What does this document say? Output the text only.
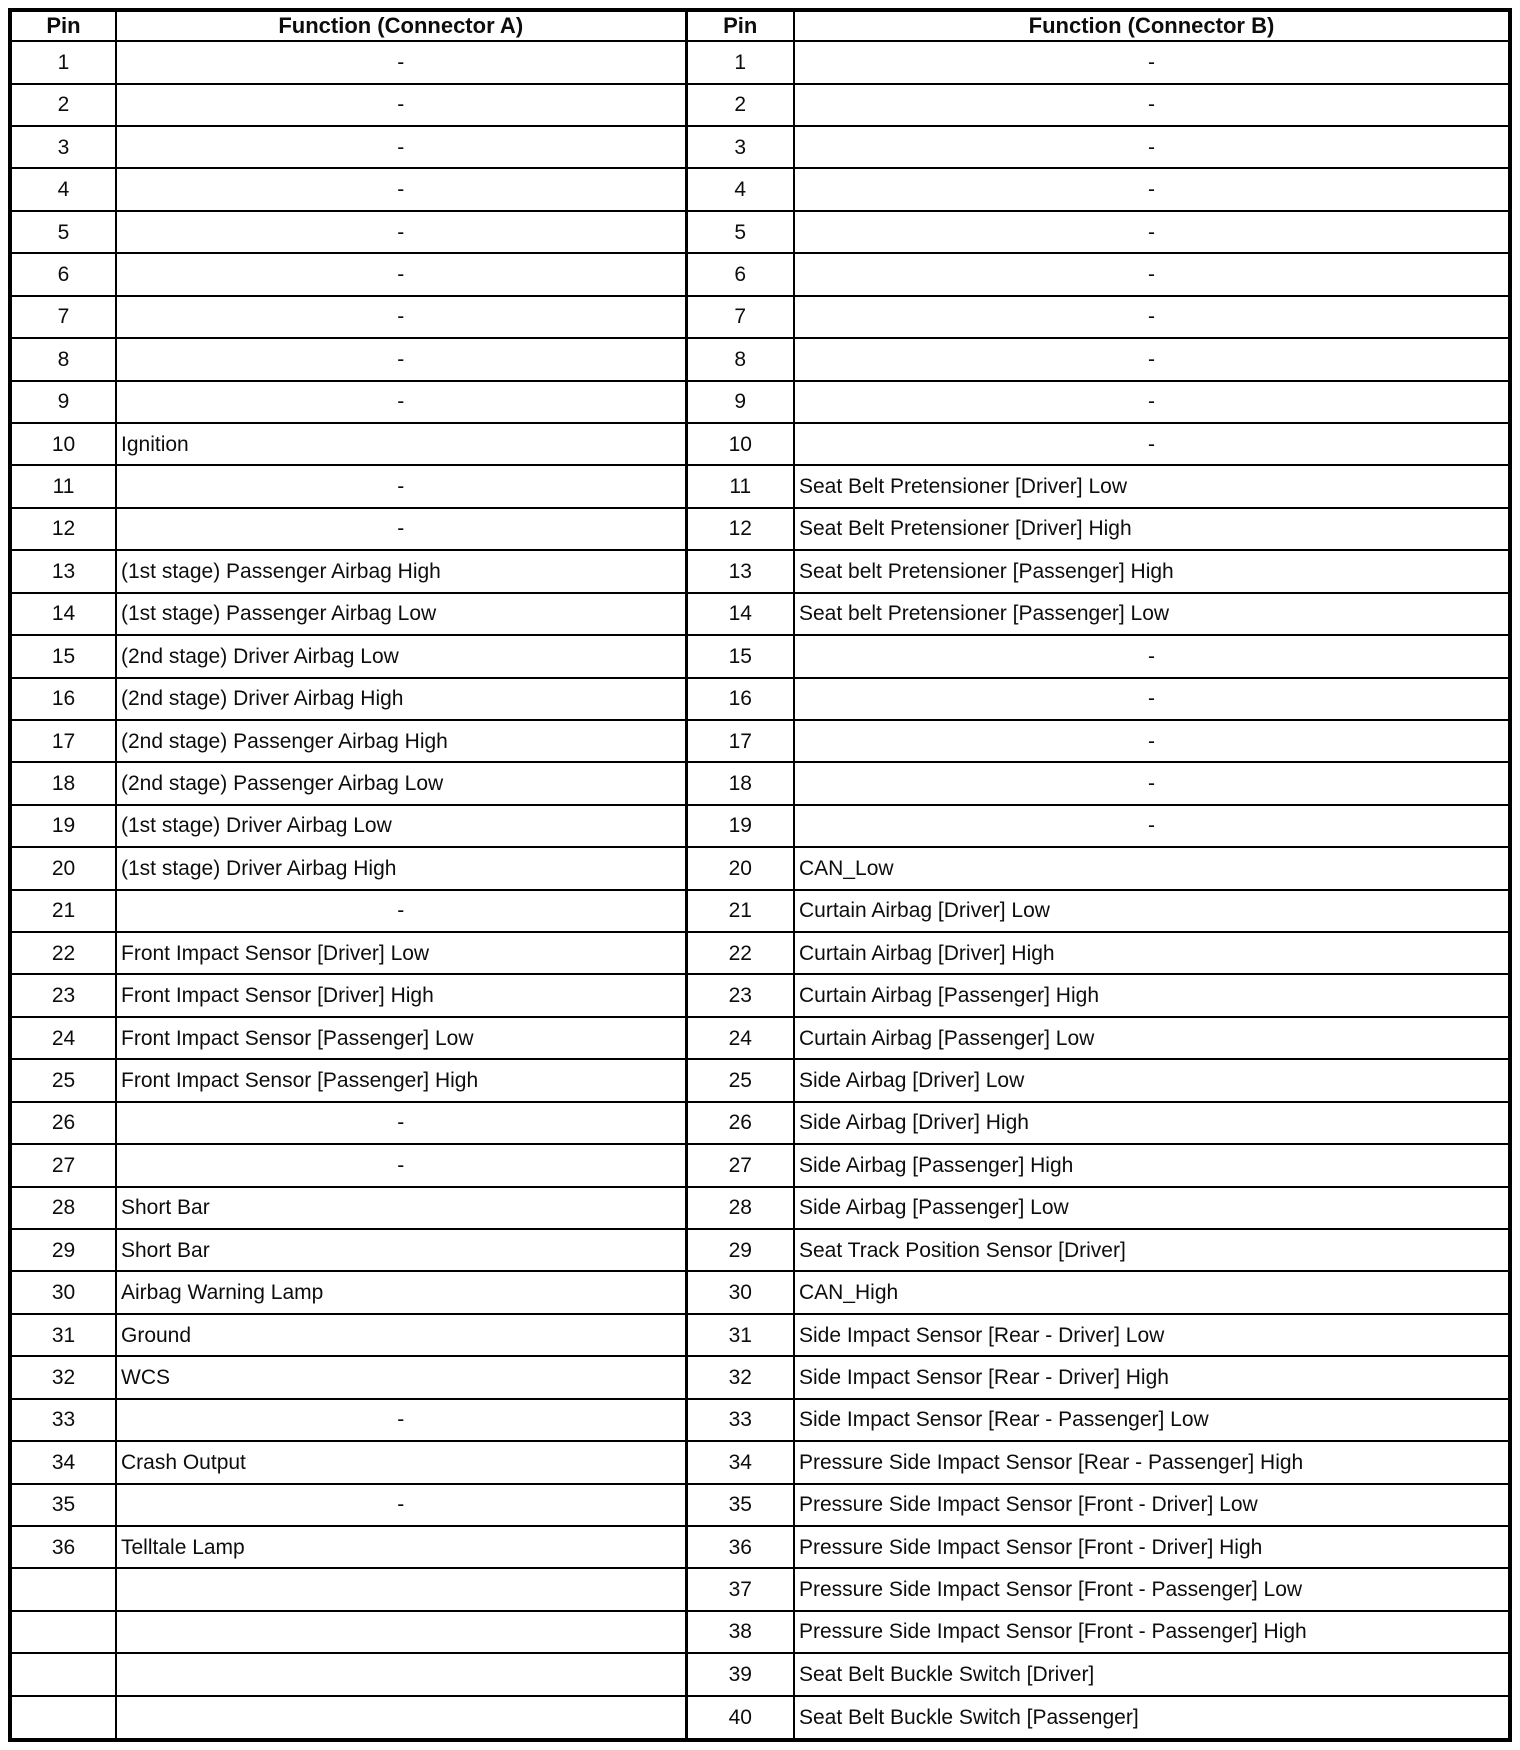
Pin	Function (Connector A)	Pin	Function (Connector B)
1	-	1	-
2	-	2	-
3	-	3	-
4	-	4	-
5	-	5	-
6	-	6	-
7	-	7	-
8	-	8	-
9	-	9	-
10	Ignition	10	-
11	-	11	Seat Belt Pretensioner [Driver] Low
12	-	12	Seat Belt Pretensioner [Driver] High
13	(1st stage) Passenger Airbag High	13	Seat belt Pretensioner [Passenger] High
14	(1st stage) Passenger Airbag Low	14	Seat belt Pretensioner [Passenger] Low
15	(2nd stage) Driver Airbag Low	15	-
16	(2nd stage) Driver Airbag High	16	-
17	(2nd stage) Passenger Airbag High	17	-
18	(2nd stage) Passenger Airbag Low	18	-
19	(1st stage) Driver Airbag Low	19	-
20	(1st stage) Driver Airbag High	20	CAN_Low
21	-	21	Curtain Airbag [Driver] Low
22	Front Impact Sensor [Driver] Low	22	Curtain Airbag [Driver] High
23	Front Impact Sensor [Driver] High	23	Curtain Airbag [Passenger] High
24	Front Impact Sensor [Passenger] Low	24	Curtain Airbag [Passenger] Low
25	Front Impact Sensor [Passenger] High	25	Side Airbag [Driver] Low
26	-	26	Side Airbag [Driver] High
27	-	27	Side Airbag [Passenger] High
28	Short Bar	28	Side Airbag [Passenger] Low
29	Short Bar	29	Seat Track Position Sensor [Driver]
30	Airbag Warning Lamp	30	CAN_High
31	Ground	31	Side Impact Sensor [Rear - Driver] Low
32	WCS	32	Side Impact Sensor [Rear - Driver] High
33	-	33	Side Impact Sensor [Rear - Passenger] Low
34	Crash Output	34	Pressure Side Impact Sensor [Rear - Passenger] High
35	-	35	Pressure Side Impact Sensor [Front - Driver] Low
36	Telltale Lamp	36	Pressure Side Impact Sensor [Front - Driver] High
		37	Pressure Side Impact Sensor [Front - Passenger] Low
		38	Pressure Side Impact Sensor [Front - Passenger] High
		39	Seat Belt Buckle Switch [Driver]
		40	Seat Belt Buckle Switch [Passenger]
